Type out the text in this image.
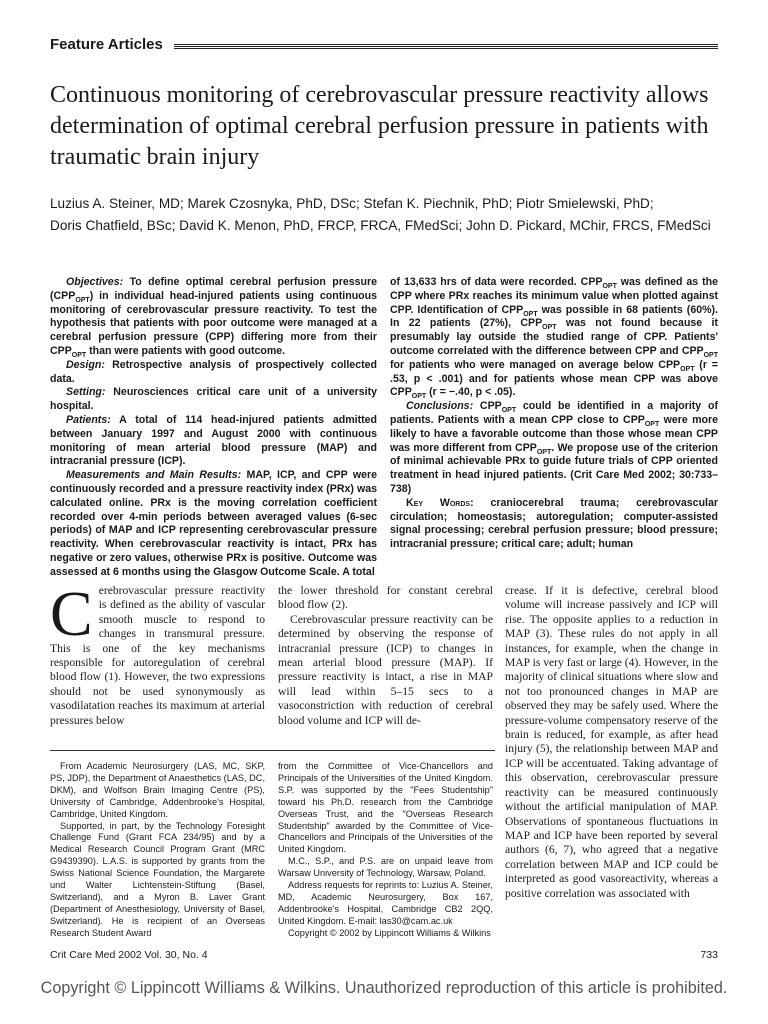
Feature Articles
Continuous monitoring of cerebrovascular pressure reactivity allows determination of optimal cerebral perfusion pressure in patients with traumatic brain injury
Luzius A. Steiner, MD; Marek Czosnyka, PhD, DSc; Stefan K. Piechnik, PhD; Piotr Smielewski, PhD;
Doris Chatfield, BSc; David K. Menon, PhD, FRCP, FRCA, FMedSci; John D. Pickard, MChir, FRCS, FMedSci

Objectives: To define optimal cerebral perfusion pressure $(CPP_{OPT})$ in individual head-injured patients using continuous monitoring of cerebrovascular pressure reactivity. To test the hypothesis that patients with poor outcome were managed at a cerebral perfusion pressure (CPP) differing more from their $CPP_{OPT}$ than were patients with good outcome.

Design: Retrospective analysis of prospectively collected data.

Setting: Neurosciences critical care unit of a university hospital.

Patients: A total of 114 head-injured patients admitted between January 1997 and August 2000 with continuous monitoring of mean arterial blood pressure (MAP) and intracranial pressure (ICP).

Measurements and Main Results: MAP, ICP, and CPP were continuously recorded and a pressure reactivity index (PRx) was calculated online. PRx is the moving correlation coefficient recorded over 4-min periods between averaged values (6-sec periods) of MAP and ICP representing cerebrovascular pressure reactivity. When cerebrovascular reactivity is intact, PRx has negative or zero values, otherwise PRx is positive. Outcome was assessed at 6 months using the Glasgow Outcome Scale. A total

of 13,633 hrs of data were recorded. $CPP_{OPT}$ was defined as the CPP where PRx reaches its minimum value when plotted against CPP. Identification of $CPP_{OPT}$ was possible in 68 patients (60%). In 22 patients (27%), $CPP_{OPT}$ was not found because it presumably lay outside the studied range of CPP. Patients' outcome correlated with the difference between CPP and $CPP_{OPT}$ for patients who were managed on average below $CPP_{OPT}$ (r = .53, p < .001) and for patients whose mean CPP was above $CPP_{OPT}$ (r = −.40, p < .05).

Conclusions: $CPP_{OPT}$ could be identified in a majority of patients. Patients with a mean CPP close to $CPP_{OPT}$ were more likely to have a favorable outcome than those whose mean CPP was more different from $CPP_{OPT}$. We propose use of the criterion of minimal achievable PRx to guide future trials of CPP oriented treatment in head injured patients. (Crit Care Med 2002; 30:733–738)

Key Words: craniocerebral trauma; cerebrovascular circulation; homeostasis; autoregulation; computer-assisted signal processing; cerebral perfusion pressure; blood pressure; intracranial pressure; critical care; adult; human

C erebrovascular pressure reactivity is defined as the ability of vascular smooth muscle to respond to changes in transmural pressure. This is one of the key mechanisms responsible for autoregulation of cerebral blood flow (1). However, the two expressions should not be used synonymously as vasodilatation reaches its maximum at arterial pressures below

the lower threshold for constant cerebral blood flow (2).

Cerebrovascular pressure reactivity can be determined by observing the response of intracranial pressure (ICP) to changes in mean arterial blood pressure (MAP). If pressure reactivity is intact, a rise in MAP will lead within 5–15 secs to a vasoconstriction with reduction of cerebral blood volume and ICP will de-

crease. If it is defective, cerebral blood volume will increase passively and ICP will rise. The opposite applies to a reduction in MAP (3). These rules do not apply in all instances, for example, when the change in MAP is very fast or large (4). However, in the majority of clinical situations where slow and not too pronounced changes in MAP are observed they may be safely used. Where the pressure-volume compensatory reserve of the brain is reduced, for example, as after head injury (5), the relationship between MAP and ICP will be accentuated. Taking advantage of this observation, cerebrovascular pressure reactivity can be measured continuously without the artificial manipulation of MAP. Observations of spontaneous fluctuations in MAP and ICP have been reported by several authors (6, 7), who agreed that a negative correlation between MAP and ICP could be interpreted as good vasoreactivity, whereas a positive correlation was associated with

From Academic Neurosurgery (LAS, MC, SKP, PS, JDP), the Department of Anaesthetics (LAS, DC, DKM), and Wolfson Brain Imaging Centre (PS), University of Cambridge, Addenbrooke's Hospital, Cambridge, United Kingdom.

Supported, in part, by the Technology Foresight Challenge Fund (Grant FCA 234/95) and by a Medical Research Council Program Grant (MRC G9439390). L.A.S. is supported by grants from the Swiss National Science Foundation, the Margarete und Walter Lichtenstein-Stiftung (Basel, Switzerland), and a Myron B. Laver Grant (Department of Anesthesiology, University of Basel, Switzerland). He is recipient of an Overseas Research Student Award

from the Committee of Vice-Chancellors and Principals of the Universities of the United Kingdom. S.P. was supported by the "Fees Studentship" toward his Ph.D. research from the Cambridge Overseas Trust, and the "Overseas Research Studentship" awarded by the Committee of Vice-Chancellors and Principals of the Universities of the United Kingdom.

M.C., S.P., and P.S. are on unpaid leave from Warsaw University of Technology, Warsaw, Poland.

Address requests for reprints to: Luzius A. Steiner, MD, Academic Neurosurgery, Box 167, Addenbrooke's Hospital, Cambridge CB2 2QQ, United Kingdom. E-mail: las30@cam.ac.uk

Copyright © 2002 by Lippincott Williams & Wilkins

Crit Care Med 2002 Vol. 30, No. 4	733
Copyright © Lippincott Williams & Wilkins. Unauthorized reproduction of this article is prohibited.
